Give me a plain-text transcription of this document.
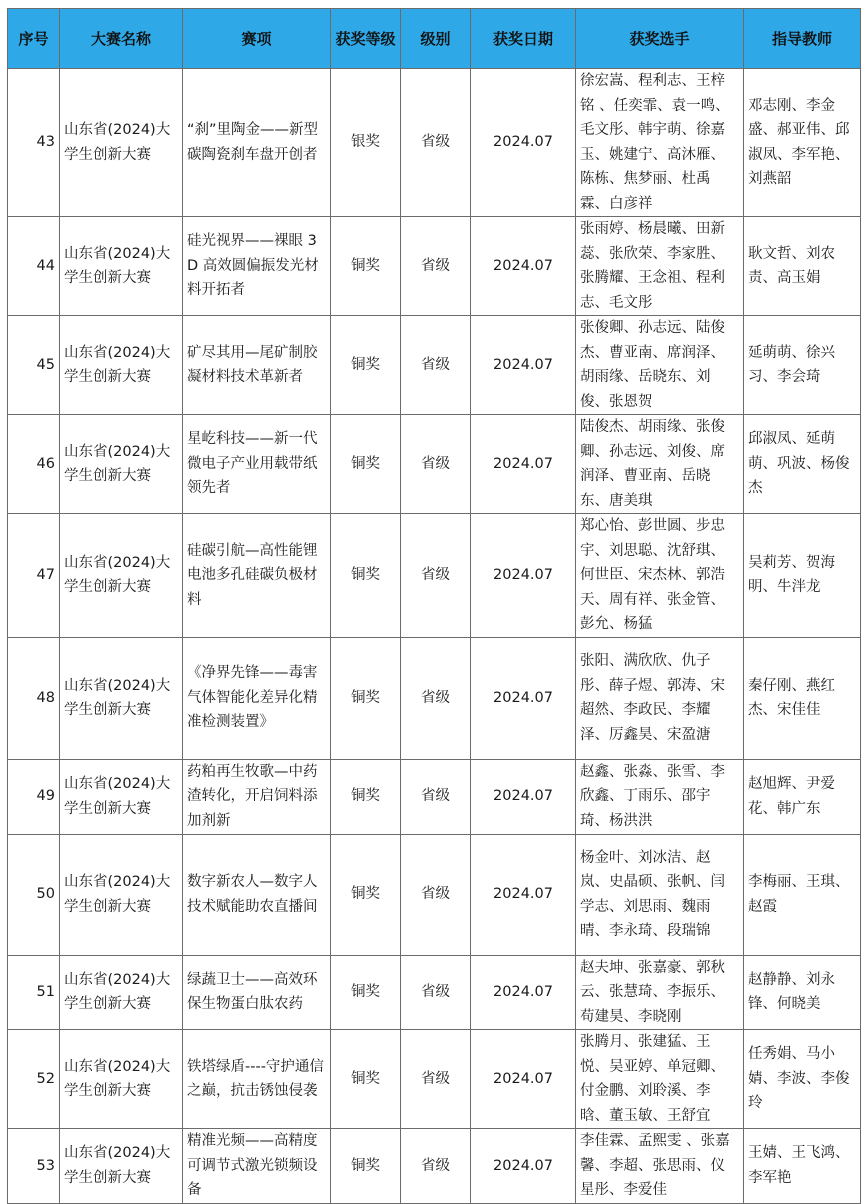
序号	大赛名称	赛项	获奖等级	级别	获奖日期	获奖选手	指导教师
43	山东省(2024)大学生创新大赛	“刹”里陶金——新型碳陶瓷刹车盘开创者	银奖	省级	2024.07	徐宏嵩、程利志、王梓铭 、任奕霏、袁一鸣、毛文彤、韩宇萌、徐嘉玉、姚建宁、高沐雁、陈栋、焦梦丽、杜禹霖、白彦祥	邓志刚、李金盛、郝亚伟、邱淑凤、李军艳、刘燕韶
44	山东省(2024)大学生创新大赛	硅光视界——裸眼 3D 高效圆偏振发光材料开拓者	铜奖	省级	2024.07	张雨婷、杨晨曦、田新蕊、张欣荣、李家胜、张腾耀、王念祖、程利志、毛文彤	耿文哲、刘农责、高玉娟
45	山东省(2024)大学生创新大赛	矿尽其用—尾矿制胶凝材料技术革新者	铜奖	省级	2024.07	张俊卿、孙志远、陆俊杰、曹亚南、席润泽、胡雨缘、岳晓东、刘俊、张恩贺	延萌萌、徐兴习、李会琦
46	山东省(2024)大学生创新大赛	星屹科技——新一代微电子产业用载带纸领先者	铜奖	省级	2024.07	陆俊杰、胡雨缘、张俊卿、孙志远、刘俊、席润泽、曹亚南、岳晓东、唐美琪	邱淑凤、延萌萌、巩波、杨俊杰
47	山东省(2024)大学生创新大赛	硅碳引航—高性能锂电池多孔硅碳负极材料	铜奖	省级	2024.07	郑心怡、彭世圆、步忠宇、刘思聪、沈舒琪、何世臣、宋杰林、郭浩天、周有祥、张金管、彭允、杨猛	吴莉芳、贺海明、牛泮龙
48	山东省(2024)大学生创新大赛	《净界先锋——毒害气体智能化差异化精准检测装置》	铜奖	省级	2024.07	张阳、满欣欣、仇子彤、薛子煜、郭涛、宋超然、李政民、李耀泽、厉鑫昊、宋盈溏	秦仔刚、燕红杰、宋佳佳
49	山东省(2024)大学生创新大赛	药粕再生牧歌—中药渣转化，开启饲料添加剂新	铜奖	省级	2024.07	赵鑫、张淼、张雪、李欣鑫、丁雨乐、邵宇琦、杨洪洪	赵旭辉、尹爱花、韩广东
50	山东省(2024)大学生创新大赛	数字新农人—数字人技术赋能助农直播间	铜奖	省级	2024.07	杨金叶、刘冰洁、赵岚、史晶硕、张帆、闫学志、刘思雨、魏雨晴、李永琦、段瑞锦	李梅丽、王琪、赵霞
51	山东省(2024)大学生创新大赛	绿蔬卫士——高效环保生物蛋白肽农药	铜奖	省级	2024.07	赵夫坤、张嘉豪、郭秋云、张慧琦、李振乐、苟建昊、李晓刚	赵静静、刘永锋、何晓美
52	山东省(2024)大学生创新大赛	铁塔绿盾----守护通信之巅，抗击锈蚀侵袭	铜奖	省级	2024.07	张腾月、张建猛、王悦、吴亚婷、单冠卿、付金鹏、刘聆溪、李晗、董玉敏、王舒宜	任秀娟、马小婧、李波、李俊玲
53	山东省(2024)大学生创新大赛	精准光频——高精度可调节式激光锁频设备	铜奖	省级	2024.07	李佳霖、孟熙雯 、张嘉馨、李超、张思雨、仪星彤、李爱佳	王婧、王飞鸿、李军艳
